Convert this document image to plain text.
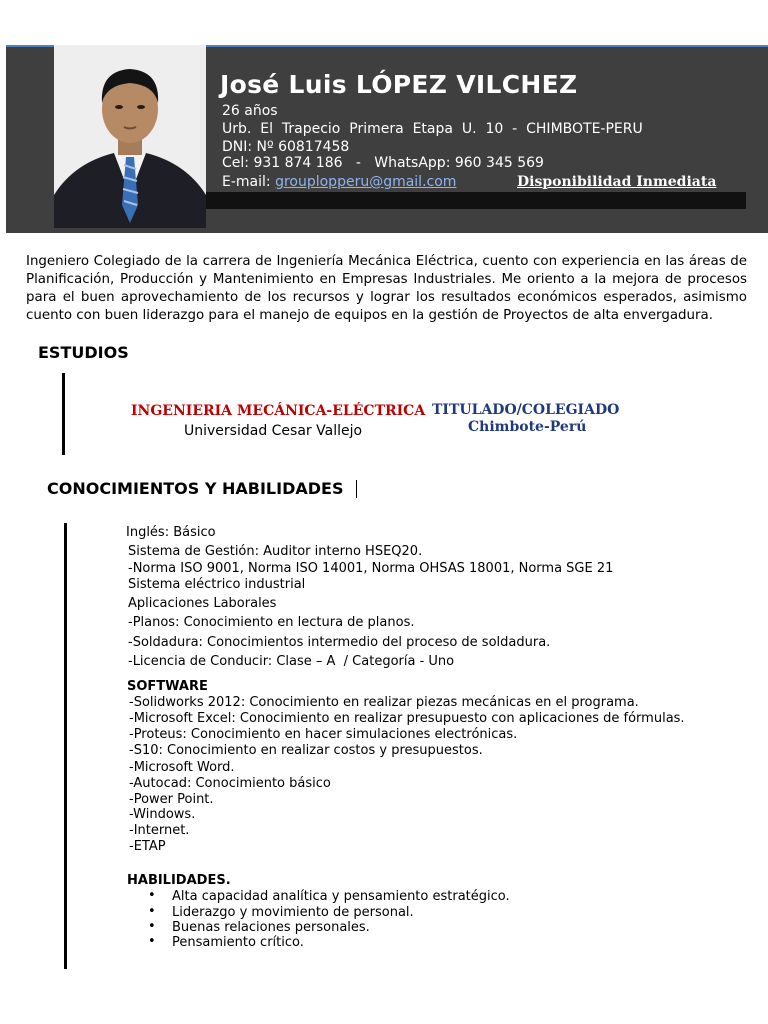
José Luis LÓPEZ VILCHEZ
26 años
Urb.  El  Trapecio  Primera  Etapa  U.  10  -  CHIMBOTE-PERU
DNI: Nº 60817458
Cel: 931 874 186   -   WhatsApp: 960 345 569
E-mail: grouplopperu@gmail.com	Disponibilidad Inmediata
Ingeniero Colegiado de la carrera de Ingeniería Mecánica Eléctrica, cuento con experiencia en las áreas de Planificación, Producción y Mantenimiento en Empresas Industriales. Me oriento a la mejora de procesos para el buen aprovechamiento de los recursos y lograr los resultados económicos esperados, asimismo cuento con buen liderazgo para el manejo de equipos en la gestión de Proyectos de alta envergadura.
ESTUDIOS
INGENIERIA MECÁNICA-ELÉCTRICA
Universidad Cesar Vallejo
TITULADO/COLEGIADO
Chimbote-Perú
CONOCIMIENTOS Y HABILIDADES
Inglés: Básico
Sistema de Gestión: Auditor interno HSEQ20.
-Norma ISO 9001, Norma ISO 14001, Norma OHSAS 18001, Norma SGE 21
Sistema eléctrico industrial
Aplicaciones Laborales
-Planos: Conocimiento en lectura de planos.
-Soldadura: Conocimientos intermedio del proceso de soldadura.
-Licencia de Conducir: Clase – A  / Categoría - Uno
SOFTWARE
-Solidworks 2012: Conocimiento en realizar piezas mecánicas en el programa.
-Microsoft Excel: Conocimiento en realizar presupuesto con aplicaciones de fórmulas.
-Proteus: Conocimiento en hacer simulaciones electrónicas.
-S10: Conocimiento en realizar costos y presupuestos.
-Microsoft Word.
-Autocad: Conocimiento básico
-Power Point.
-Windows.
-Internet.
-ETAP
HABILIDADES.
• Alta capacidad analítica y pensamiento estratégico.
• Liderazgo y movimiento de personal.
• Buenas relaciones personales.
• Pensamiento crítico.
